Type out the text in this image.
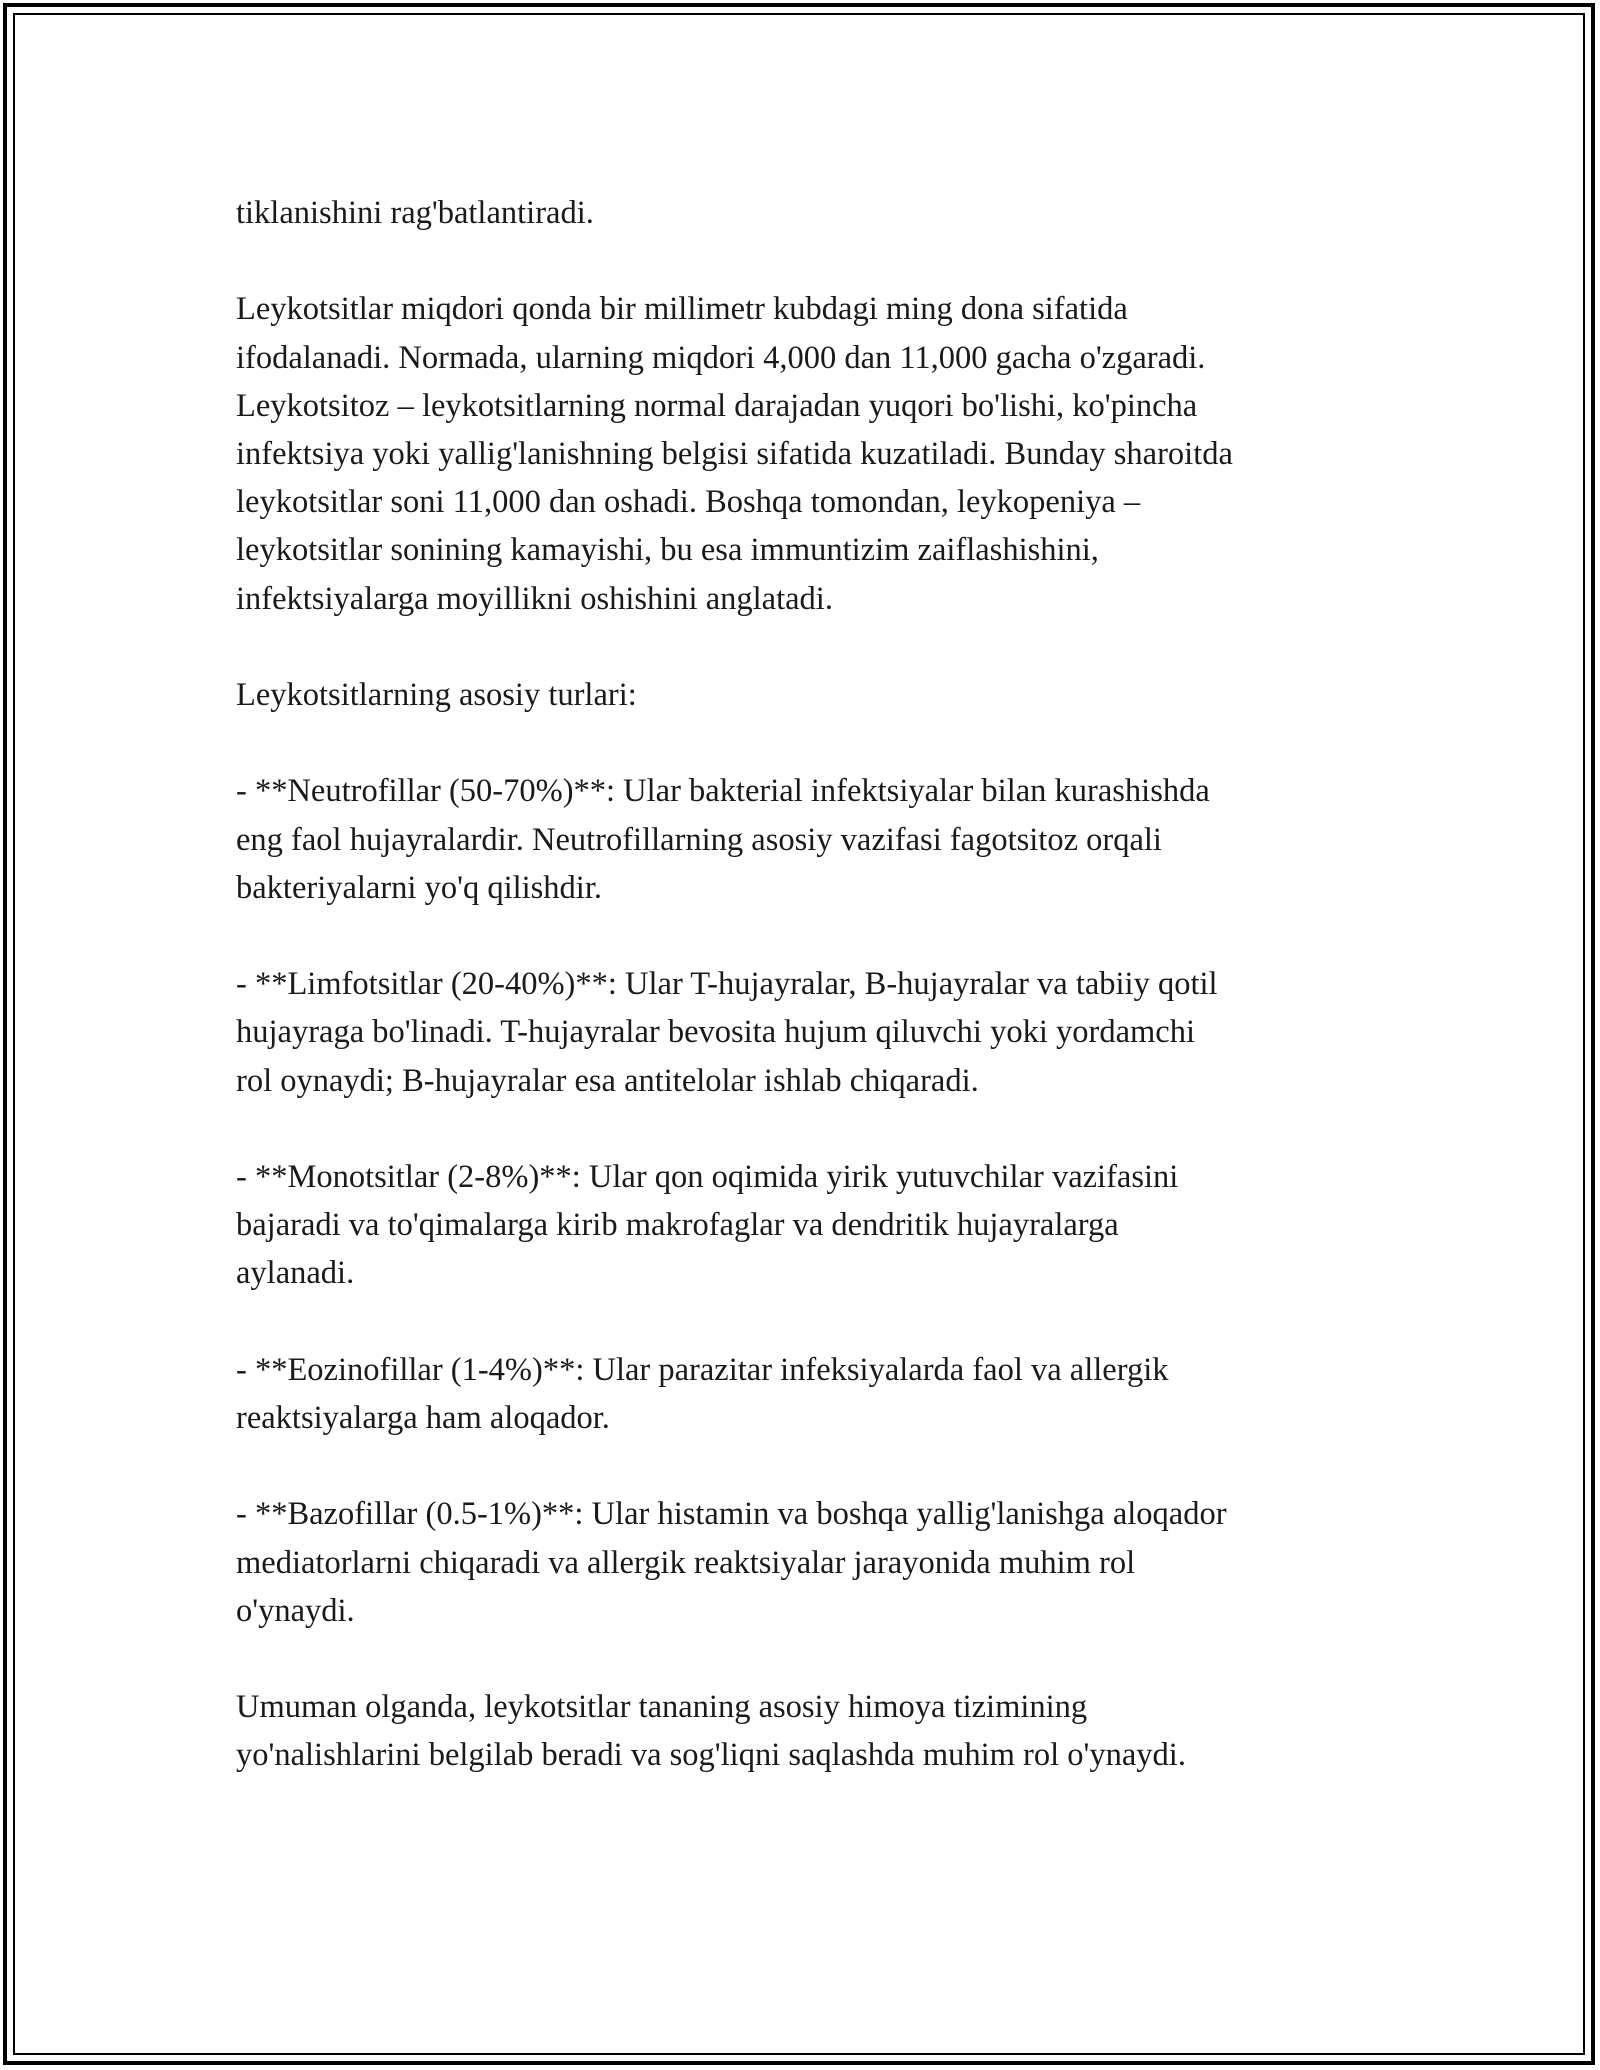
tiklanishini rag'batlantiradi.

Leykotsitlar miqdori qonda bir millimetr kubdagi ming dona sifatida
ifodalanadi. Normada, ularning miqdori 4,000 dan 11,000 gacha o'zgaradi.
Leykotsitoz – leykotsitlarning normal darajadan yuqori bo'lishi, ko'pincha
infektsiya yoki yallig'lanishning belgisi sifatida kuzatiladi. Bunday sharoitda
leykotsitlar soni 11,000 dan oshadi. Boshqa tomondan, leykopeniya –
leykotsitlar sonining kamayishi, bu esa immuntizim zaiflashishini,
infektsiyalarga moyillikni oshishini anglatadi.

Leykotsitlarning asosiy turlari:

- **Neutrofillar (50-70%)**: Ular bakterial infektsiyalar bilan kurashishda
eng faol hujayralardir. Neutrofillarning asosiy vazifasi fagotsitoz orqali
bakteriyalarni yo'q qilishdir.

- **Limfotsitlar (20-40%)**: Ular T-hujayralar, B-hujayralar va tabiiy qotil
hujayraga bo'linadi. T-hujayralar bevosita hujum qiluvchi yoki yordamchi
rol oynaydi; B-hujayralar esa antitelolar ishlab chiqaradi.

- **Monotsitlar (2-8%)**: Ular qon oqimida yirik yutuvchilar vazifasini
bajaradi va to'qimalarga kirib makrofaglar va dendritik hujayralarga
aylanadi.

- **Eozinofillar (1-4%)**: Ular parazitar infeksiyalarda faol va allergik
reaktsiyalarga ham aloqador.

- **Bazofillar (0.5-1%)**: Ular histamin va boshqa yallig'lanishga aloqador
mediatorlarni chiqaradi va allergik reaktsiyalar jarayonida muhim rol
o'ynaydi.

Umuman olganda, leykotsitlar tananing asosiy himoya tizimining
yo'nalishlarini belgilab beradi va sog'liqni saqlashda muhim rol o'ynaydi.
